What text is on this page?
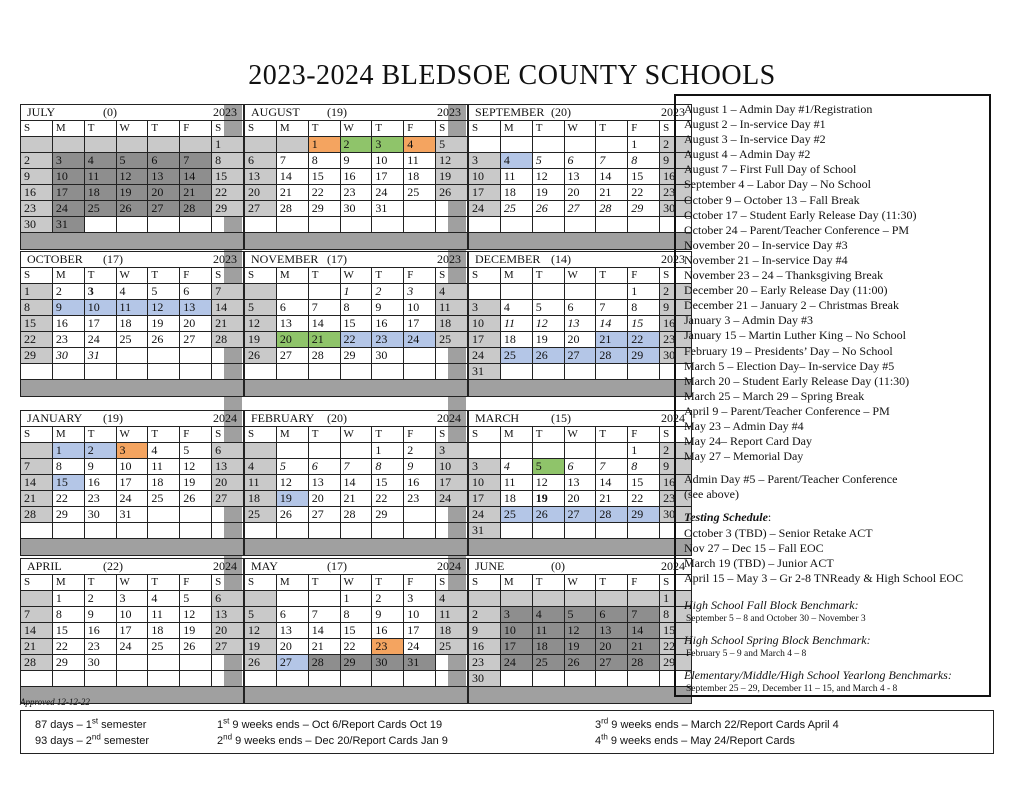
2023-2024 BLEDSOE COUNTY SCHOOLS
JULY	(0)	2023
S	M	T	W	T	F	S
						1
2	3	4	5	6	7	8
9	10	11	12	13	14	15
16	17	18	19	20	21	22
23	24	25	26	27	28	29
30	31					
AUGUST (19)	2023
S	M	T	W	T	F	S
		1	2	3	4	5
6	7	8	9	10	11	12
13	14	15	16	17	18	19
20	21	22	23	24	25	26
27	28	29	30	31		

SEPTEMBER (20)	2023
S	M	T	W	T	F	S
					1	2
3	4	5	6	7	8	9
10	11	12	13	14	15	16
17	18	19	20	21	22	23
24	25	26	27	28	29	30

OCTOBER (17)	2023
S	M	T	W	T	F	S
1	2	3	4	5	6	7
8	9	10	11	12	13	14
15	16	17	18	19	20	21
22	23	24	25	26	27	28
29	30	31				

NOVEMBER (17)	2023
S	M	T	W	T	F	S
			1	2	3	4
5	6	7	8	9	10	11
12	13	14	15	16	17	18
19	20	21	22	23	24	25
26	27	28	29	30		

DECEMBER (14)	2023
S	M	T	W	T	F	S
					1	2
3	4	5	6	7	8	9
10	11	12	13	14	15	16
17	18	19	20	21	22	23
24	25	26	27	28	29	30
31						
JANUARY (19)	2024
S	M	T	W	T	F	S
	1	2	3	4	5	6
7	8	9	10	11	12	13
14	15	16	17	18	19	20
21	22	23	24	25	26	27
28	29	30	31			

FEBRUARY (20)	2024
S	M	T	W	T	F	S
				1	2	3
4	5	6	7	8	9	10
11	12	13	14	15	16	17
18	19	20	21	22	23	24
25	26	27	28	29		

MARCH	(15)	2024
S	M	T	W	T	F	S
					1	2
3	4	5	6	7	8	9
10	11	12	13	14	15	16
17	18	19	20	21	22	23
24	25	26	27	28	29	30
31						
APRIL	(22)	2024
S	M	T	W	T	F	S
	1	2	3	4	5	6
7	8	9	10	11	12	13
14	15	16	17	18	19	20
21	22	23	24	25	26	27
28	29	30				

MAY	(17)	2024
S	M	T	W	T	F	S
			1	2	3	4
5	6	7	8	9	10	11
12	13	14	15	16	17	18
19	20	21	22	23	24	25
26	27	28	29	30	31	

JUNE	(0)	2024
S	M	T	W	T	F	S
						1
2	3	4	5	6	7	8
9	10	11	12	13	14	15
16	17	18	19	20	21	22
23	24	25	26	27	28	29
30						
August 1 – Admin Day #1/Registration
August 2 – In-service Day #1
August 3 – In-service Day #2
August 4 – Admin Day #2
August 7 – First Full Day of School
September 4 – Labor Day – No School
October 9 – October 13 – Fall Break
October 17 – Student Early Release Day (11:30)
October 24 – Parent/Teacher Conference – PM
November 20 – In-service Day #3
November 21 – In-service Day #4
November 23 – 24 – Thanksgiving Break
December 20 – Early Release Day (11:00)
December 21 – January 2 – Christmas Break
January 3 – Admin Day #3
January 15 – Martin Luther King – No School
February 19 – Presidents’ Day – No School
March 5 – Election Day– In-service Day #5
March 20 – Student Early Release Day (11:30)
March 25 – March 29 – Spring Break
April 9 – Parent/Teacher Conference – PM
May 23 – Admin Day #4
May 24– Report Card Day
May 27 – Memorial Day
Admin Day #5 – Parent/Teacher Conference
(see above)
Testing Schedule:
October 3 (TBD) – Senior Retake ACT
Nov 27 – Dec 15 – Fall EOC
March 19 (TBD) – Junior ACT
April 15 – May 3 – Gr 2-8 TNReady & High School EOC
High School Fall Block Benchmark:
September 5 – 8 and October 30 – November 3
High School Spring Block Benchmark:
February 5 – 9 and March 4 – 8
Elementary/Middle/High School Yearlong Benchmarks:
September 25 – 29, December 11 – 15, and March 4 - 8
Approved 12-12-22
87 days – 1st semester
93 days – 2nd semester
1st 9 weeks ends – Oct 6/Report Cards Oct 19
2nd 9 weeks ends – Dec 20/Report Cards Jan 9
3rd 9 weeks ends – March 22/Report Cards April 4
4th 9 weeks ends – May 24/Report Cards
